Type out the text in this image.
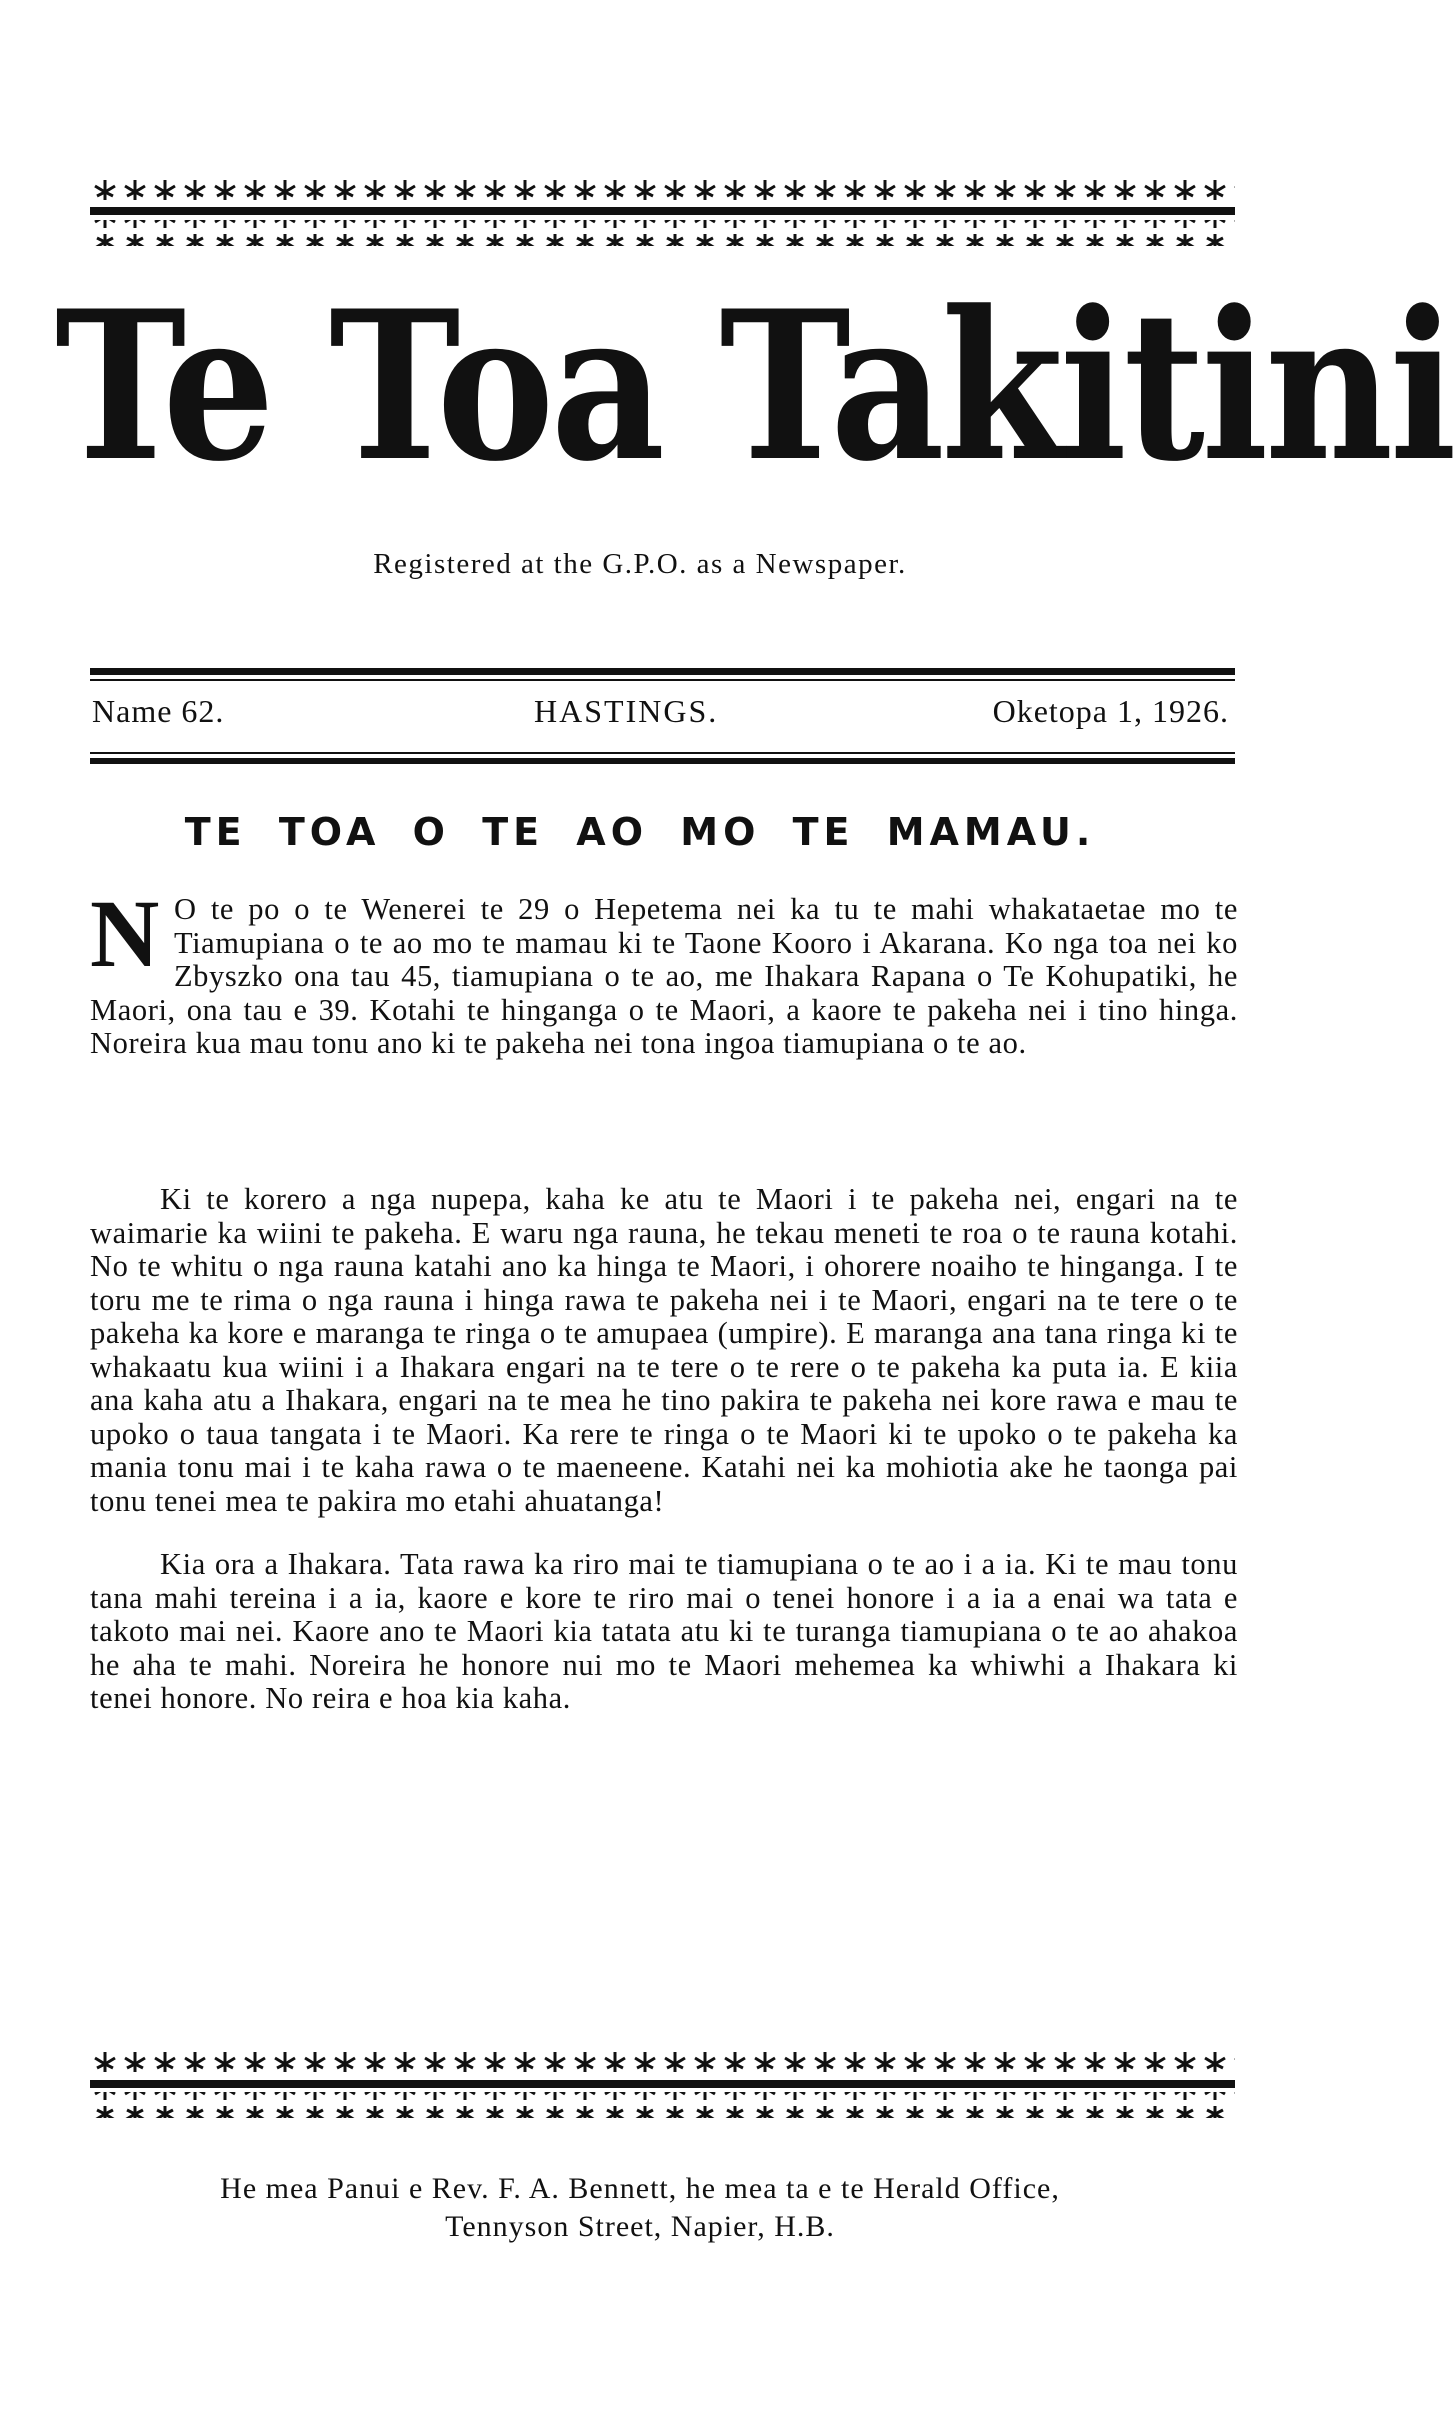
Te Toa Takitini
Registered at the G.P.O. as a Newspaper.
Name 62.	HASTINGS.	Oketopa 1, 1926.
TE TOA O TE AO MO TE MAMAU.

N O te po o te Wenerei te 29 o Hepetema nei ka tu te mahi whakataetae mo te Tiamupiana o te ao mo te mamau ki te Taone Kooro i Akarana. Ko nga toa nei ko Zbyszko ona tau 45, tiamupiana o te ao, me Ihakara Rapana o Te Kohupatiki, he Maori, ona tau e 39. Kotahi te hinganga o te Maori, a kaore te pakeha nei i tino hinga. Noreira kua mau tonu ano ki te pakeha nei tona ingoa tiamupiana o te ao.

Ki te korero a nga nupepa, kaha ke atu te Maori i te pakeha nei, engari na te waimarie ka wiini te pakeha. E waru nga rauna, he tekau meneti te roa o te rauna kotahi. No te whitu o nga rauna katahi ano ka hinga te Maori, i ohorere noaiho te hinganga. I te toru me te rima o nga rauna i hinga rawa te pakeha nei i te Maori, engari na te tere o te pakeha ka kore e maranga te ringa o te amupaea (umpire). E maranga ana tana ringa ki te whakaatu kua wiini i a Ihakara engari na te tere o te rere o te pakeha ka puta ia. E kiia ana kaha atu a Ihakara, engari na te mea he tino pakira te pakeha nei kore rawa e mau te upoko o taua tangata i te Maori. Ka rere te ringa o te Maori ki te upoko o te pakeha ka mania tonu mai i te kaha rawa o te maeneene. Katahi nei ka mohiotia ake he taonga pai tonu tenei mea te pakira mo etahi ahuatanga!

Kia ora a Ihakara. Tata rawa ka riro mai te tiamupiana o te ao i a ia. Ki te mau tonu tana mahi tereina i a ia, kaore e kore te riro mai o tenei honore i a ia a enai wa tata e takoto mai nei. Kaore ano te Maori kia tatata atu ki te turanga tiamupiana o te ao ahakoa he aha te mahi. Noreira he honore nui mo te Maori mehemea ka whiwhi a Ihakara ki tenei honore. No reira e hoa kia kaha.

He mea Panui e Rev. F. A. Bennett, he mea ta e te Herald Office,
Tennyson Street, Napier, H.B.
